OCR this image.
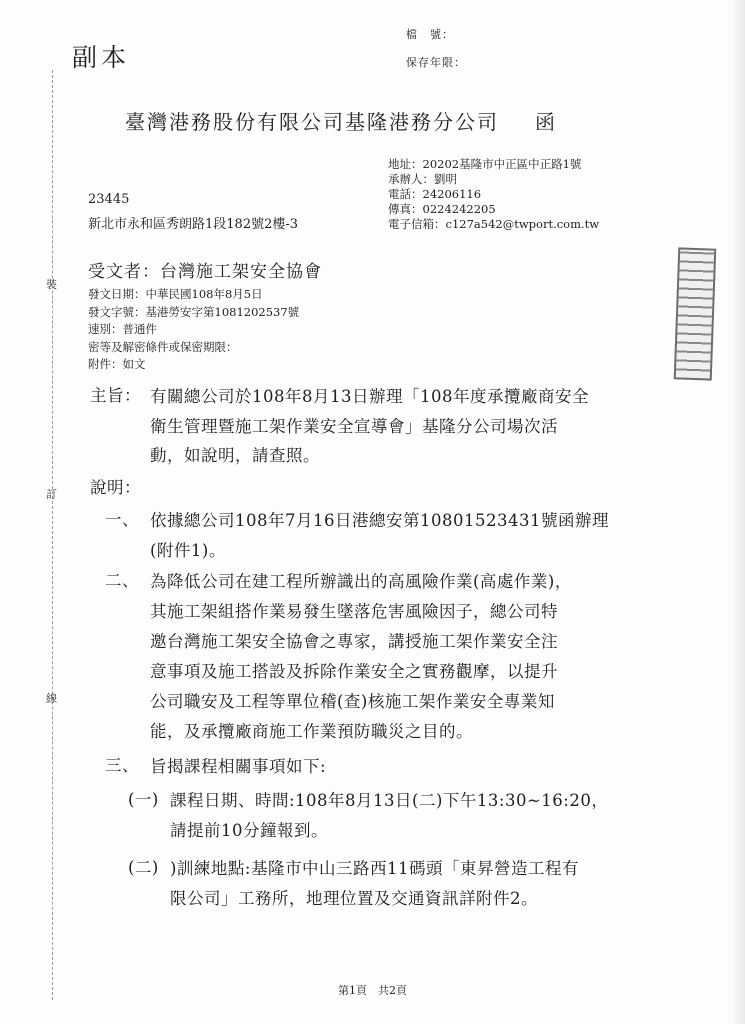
裝
訂
線
副本
檔　號：
保存年限：
臺灣港務股份有限公司基隆港務分公司 函
地址：20202基隆市中正區中正路1號
承辦人：劉明
電話：24206116
傳真：0224242205
電子信箱：c127a542@twport.com.tw
23445
新北市永和區秀朗路1段182號2樓-3
受文者：台灣施工架安全協會
發文日期：中華民國108年8月5日
發文字號：基港勞安字第1081202537號
速別：普通件
密等及解密條件或保密期限：
附件：如文
主旨： 有關總公司於108年8月13日辦理「108年度承攬廠商安全
衛生管理暨施工架作業安全宣導會」基隆分公司場次活
動，如說明，請查照。
說明：
一、 依據總公司108年7月16日港總安第10801523431號函辦理
(附件1)。
二、 為降低公司在建工程所辦識出的高風險作業(高處作業)，
其施工架組搭作業易發生墜落危害風險因子，總公司特
邀台灣施工架安全協會之專家，講授施工架作業安全注
意事項及施工搭設及拆除作業安全之實務觀摩，以提升
公司職安及工程等單位稽(查)核施工架作業安全專業知
能，及承攬廠商施工作業預防職災之目的。
三、 旨揭課程相關事項如下:
(一) 課程日期、時間:108年8月13日(二)下午13:30~16:20，
請提前10分鐘報到。
(二) )訓練地點:基隆市中山三路西11碼頭「東昇營造工程有
限公司」工務所，地理位置及交通資訊詳附件2。
第1頁　共2頁
